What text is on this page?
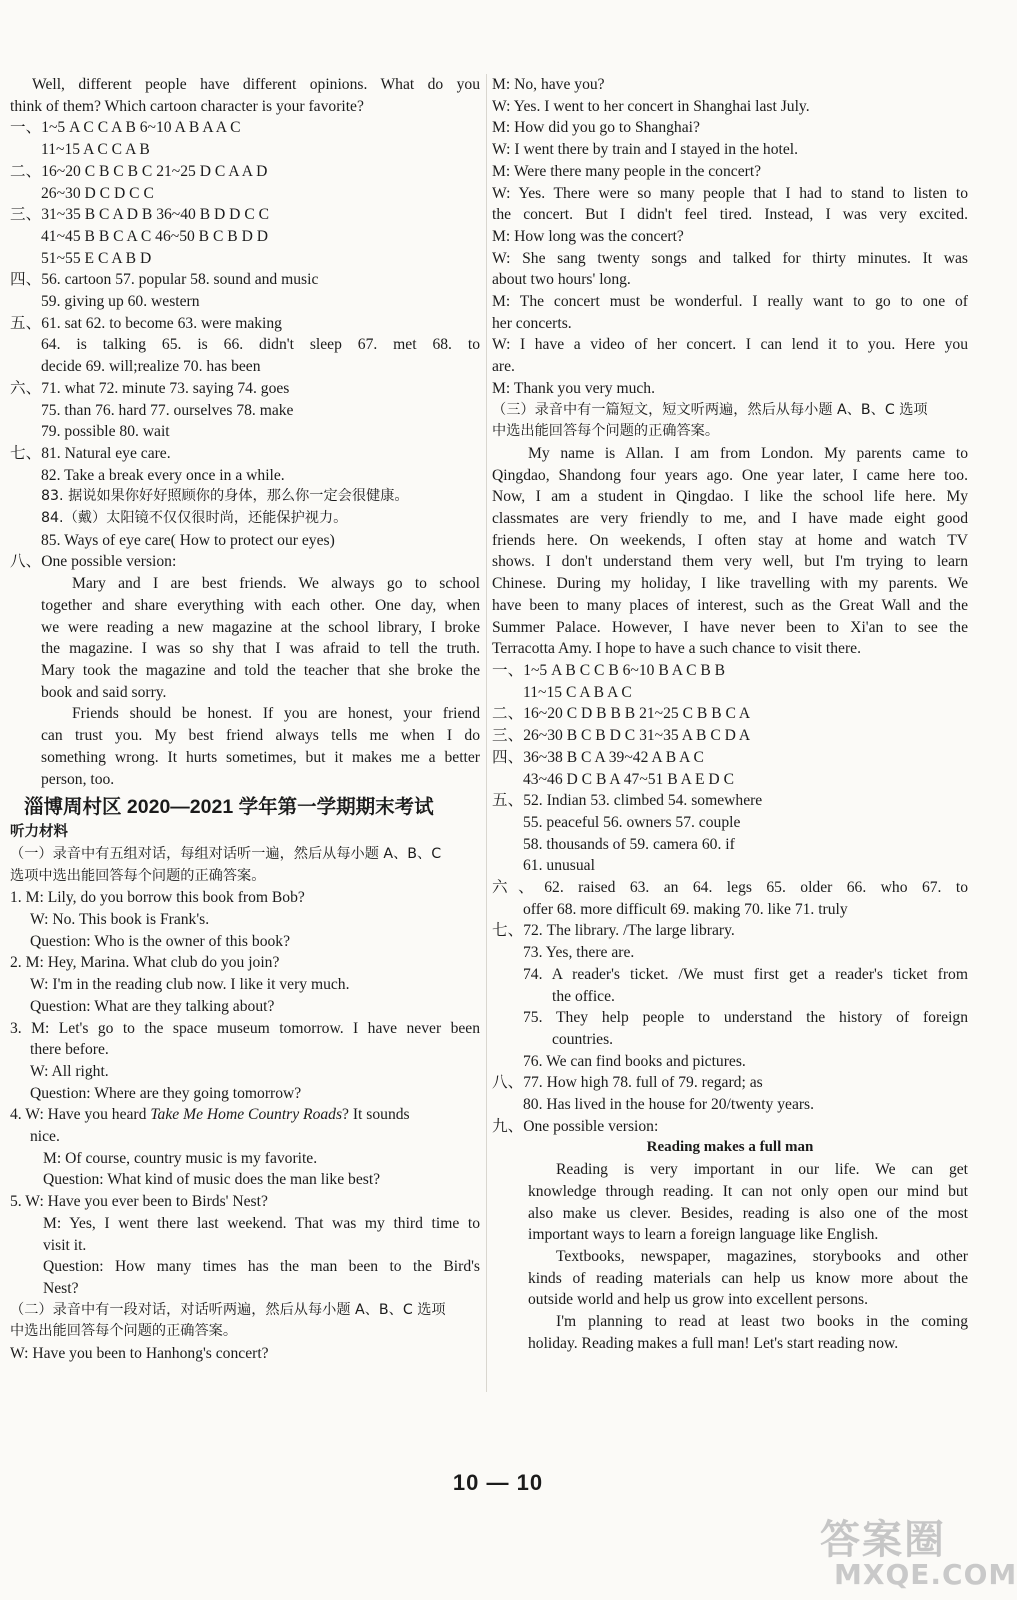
Well, different people have different opinions. What do you
think of them? Which cartoon character is your favorite?
一、1~5 A C C A B 6~10 A B A A C
11~15 A C C A B
二、16~20 C B C B C 21~25 D C A A D
26~30 D C D C C
三、31~35 B C A D B 36~40 B D D C C
41~45 B B C A C 46~50 B C B D D
51~55 E C A B D
四、56. cartoon 57. popular 58. sound and music
59. giving up 60. western
五、61. sat 62. to become 63. were making
64. is talking 65. is 66. didn't sleep 67. met 68. to
decide 69. will;realize 70. has been
六、71. what 72. minute 73. saying 74. goes
75. than 76. hard 77. ourselves 78. make
79. possible 80. wait
七、81. Natural eye care.
82. Take a break every once in a while.
83. 据说如果你好好照顾你的身体，那么你一定会很健康。
84.（戴）太阳镜不仅仅很时尚，还能保护视力。
85. Ways of eye care( How to protect our eyes)
八、One possible version:
Mary and I are best friends. We always go to school
together and share everything with each other. One day, when
we were reading a new magazine at the school library, I broke
the magazine. I was so shy that I was afraid to tell the truth.
Mary took the magazine and told the teacher that she broke the
book and said sorry.
Friends should be honest. If you are honest, your friend
can trust you. My best friend always tells me when I do
something wrong. It hurts sometimes, but it makes me a better
person, too.
淄博周村区 2020—2021 学年第一学期期末考试
听力材料
（一）录音中有五组对话，每组对话听一遍，然后从每小题 A、B、C
选项中选出能回答每个问题的正确答案。
1. M: Lily, do you borrow this book from Bob?
W: No. This book is Frank's.
Question: Who is the owner of this book?
2. M: Hey, Marina. What club do you join?
W: I'm in the reading club now. I like it very much.
Question: What are they talking about?
3. M: Let's go to the space museum tomorrow. I have never been
there before.
W: All right.
Question: Where are they going tomorrow?
4. W: Have you heard Take Me Home Country Roads? It sounds
nice.
M: Of course, country music is my favorite.
Question: What kind of music does the man like best?
5. W: Have you ever been to Birds' Nest?
M: Yes, I went there last weekend. That was my third time to
visit it.
Question: How many times has the man been to the Bird's
Nest?
（二）录音中有一段对话，对话听两遍，然后从每小题 A、B、C 选项
中选出能回答每个问题的正确答案。
W: Have you been to Hanhong's concert?
M: No, have you?
W: Yes. I went to her concert in Shanghai last July.
M: How did you go to Shanghai?
W: I went there by train and I stayed in the hotel.
M: Were there many people in the concert?
W: Yes. There were so many people that I had to stand to listen to
the concert. But I didn't feel tired. Instead, I was very excited.
M: How long was the concert?
W: She sang twenty songs and talked for thirty minutes. It was
about two hours' long.
M: The concert must be wonderful. I really want to go to one of
her concerts.
W: I have a video of her concert. I can lend it to you. Here you
are.
M: Thank you very much.
（三）录音中有一篇短文，短文听两遍，然后从每小题 A、B、C 选项
中选出能回答每个问题的正确答案。
My name is Allan. I am from London. My parents came to
Qingdao, Shandong four years ago. One year later, I came here too.
Now, I am a student in Qingdao. I like the school life here. My
classmates are very friendly to me, and I have made eight good
friends here. On weekends, I often stay at home and watch TV
shows. I don't understand them very well, but I'm trying to learn
Chinese. During my holiday, I like travelling with my parents. We
have been to many places of interest, such as the Great Wall and the
Summer Palace. However, I have never been to Xi'an to see the
Terracotta Amy. I hope to have a such chance to visit there.
一、1~5 A B C C B 6~10 B A C B B
11~15 C A B A C
二、16~20 C D B B B 21~25 C B B C A
三、26~30 B C B D C 31~35 A B C D A
四、36~38 B C A 39~42 A B A C
43~46 D C B A 47~51 B A E D C
五、52. Indian 53. climbed 54. somewhere
55. peaceful 56. owners 57. couple
58. thousands of 59. camera 60. if
61. unusual
六、62. raised 63. an 64. legs 65. older 66. who 67. to
offer 68. more difficult 69. making 70. like 71. truly
七、72. The library. /The large library.
73. Yes, there are.
74. A reader's ticket. /We must first get a reader's ticket from
the office.
75. They help people to understand the history of foreign
countries.
76. We can find books and pictures.
八、77. How high 78. full of 79. regard; as
80. Has lived in the house for 20/twenty years.
九、One possible version:
Reading makes a full man
Reading is very important in our life. We can get
knowledge through reading. It can not only open our mind but
also make us clever. Besides, reading is also one of the most
important ways to learn a foreign language like English.
Textbooks, newspaper, magazines, storybooks and other
kinds of reading materials can help us know more about the
outside world and help us grow into excellent persons.
I'm planning to read at least two books in the coming
holiday. Reading makes a full man! Let's start reading now.
10 — 10
答案圈
MXQE.COM
